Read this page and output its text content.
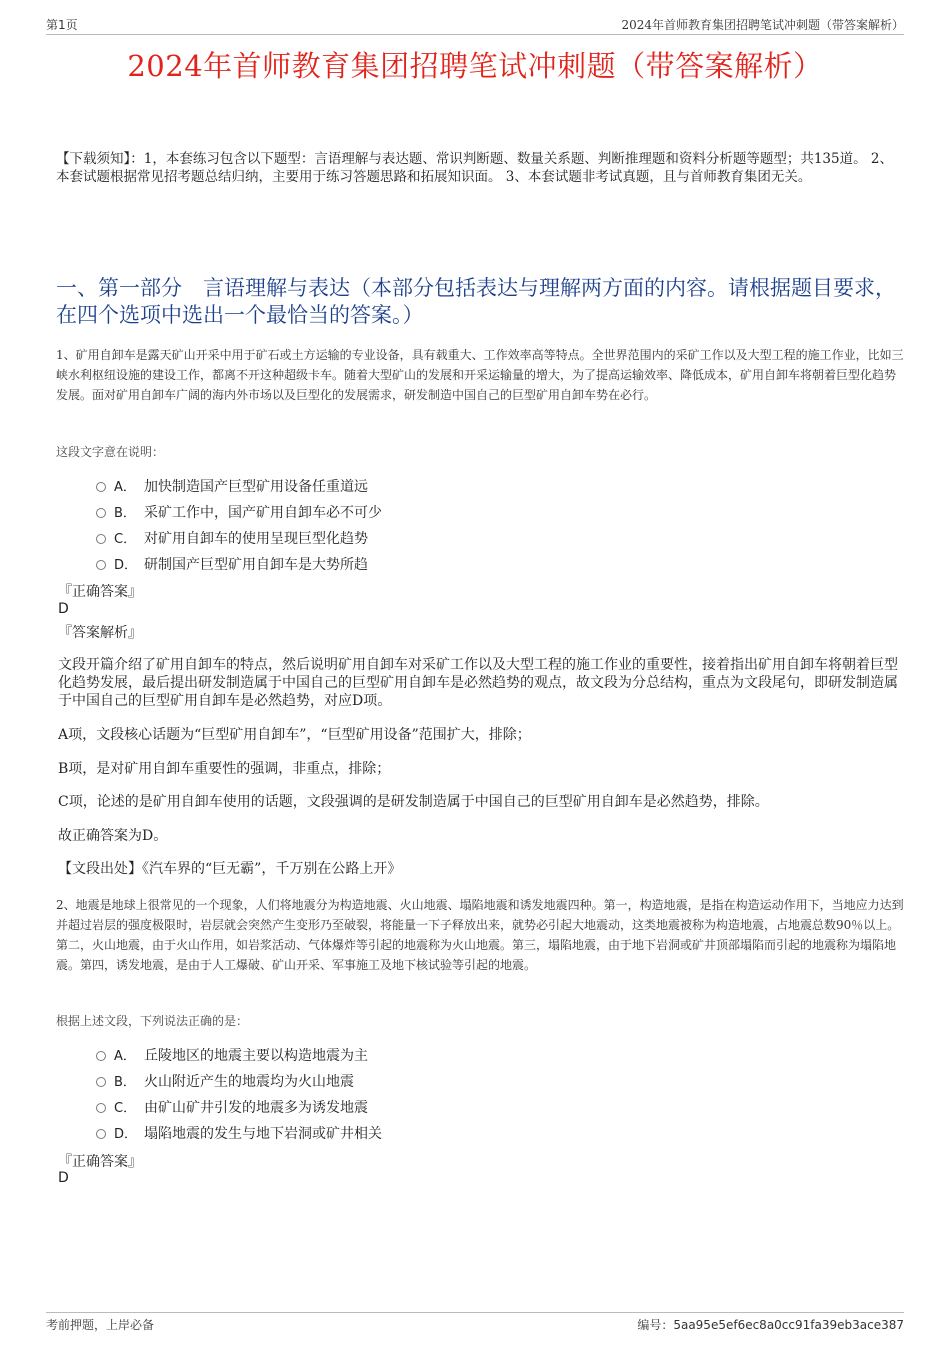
第1页	2024年首师教育集团招聘笔试冲刺题（带答案解析）
2024年首师教育集团招聘笔试冲刺题（带答案解析）
【下载须知】：1，本套练习包含以下题型：言语理解与表达题、常识判断题、数量关系题、判断推理题和资料分析题等题型；共135道。 2、本套试题根据常见招考题总结归纳，主要用于练习答题思路和拓展知识面。 3、本套试题非考试真题，且与首师教育集团无关。
一、第一部分　言语理解与表达（本部分包括表达与理解两方面的内容。请根据题目要求，在四个选项中选出一个最恰当的答案。）
1、矿用自卸车是露天矿山开采中用于矿石或土方运输的专业设备，具有载重大、工作效率高等特点。全世界范围内的采矿工作以及大型工程的施工作业，比如三峡水利枢纽设施的建设工作，都离不开这种超级卡车。随着大型矿山的发展和开采运输量的增大，为了提高运输效率、降低成本，矿用自卸车将朝着巨型化趋势发展。面对矿用自卸车广阔的海内外市场以及巨型化的发展需求，研发制造中国自己的巨型矿用自卸车势在必行。
这段文字意在说明：
A． 加快制造国产巨型矿用设备任重道远
B． 采矿工作中，国产矿用自卸车必不可少
C． 对矿用自卸车的使用呈现巨型化趋势
D． 研制国产巨型矿用自卸车是大势所趋
『正确答案』
D
『答案解析』
文段开篇介绍了矿用自卸车的特点，然后说明矿用自卸车对采矿工作以及大型工程的施工作业的重要性，接着指出矿用自卸车将朝着巨型化趋势发展，最后提出研发制造属于中国自己的巨型矿用自卸车是必然趋势的观点，故文段为分总结构，重点为文段尾句，即研发制造属于中国自己的巨型矿用自卸车是必然趋势，对应D项。
A项，文段核心话题为“巨型矿用自卸车”，“巨型矿用设备”范围扩大，排除；
B项，是对矿用自卸车重要性的强调，非重点，排除；
C项，论述的是矿用自卸车使用的话题，文段强调的是研发制造属于中国自己的巨型矿用自卸车是必然趋势，排除。
故正确答案为D。
【文段出处】《汽车界的“巨无霸”，千万别在公路上开》
2、地震是地球上很常见的一个现象，人们将地震分为构造地震、火山地震、塌陷地震和诱发地震四种。第一，构造地震，是指在构造运动作用下，当地应力达到并超过岩层的强度极限时，岩层就会突然产生变形乃至破裂，将能量一下子释放出来，就势必引起大地震动，这类地震被称为构造地震，占地震总数90％以上。第二，火山地震，由于火山作用，如岩浆活动、气体爆炸等引起的地震称为火山地震。第三，塌陷地震，由于地下岩洞或矿井顶部塌陷而引起的地震称为塌陷地震。第四，诱发地震，是由于人工爆破、矿山开采、军事施工及地下核试验等引起的地震。
根据上述文段，下列说法正确的是：
A． 丘陵地区的地震主要以构造地震为主
B． 火山附近产生的地震均为火山地震
C． 由矿山矿井引发的地震多为诱发地震
D． 塌陷地震的发生与地下岩洞或矿井相关
『正确答案』
D
考前押题，上岸必备	编号：5aa95e5ef6ec8a0cc91fa39eb3ace387
